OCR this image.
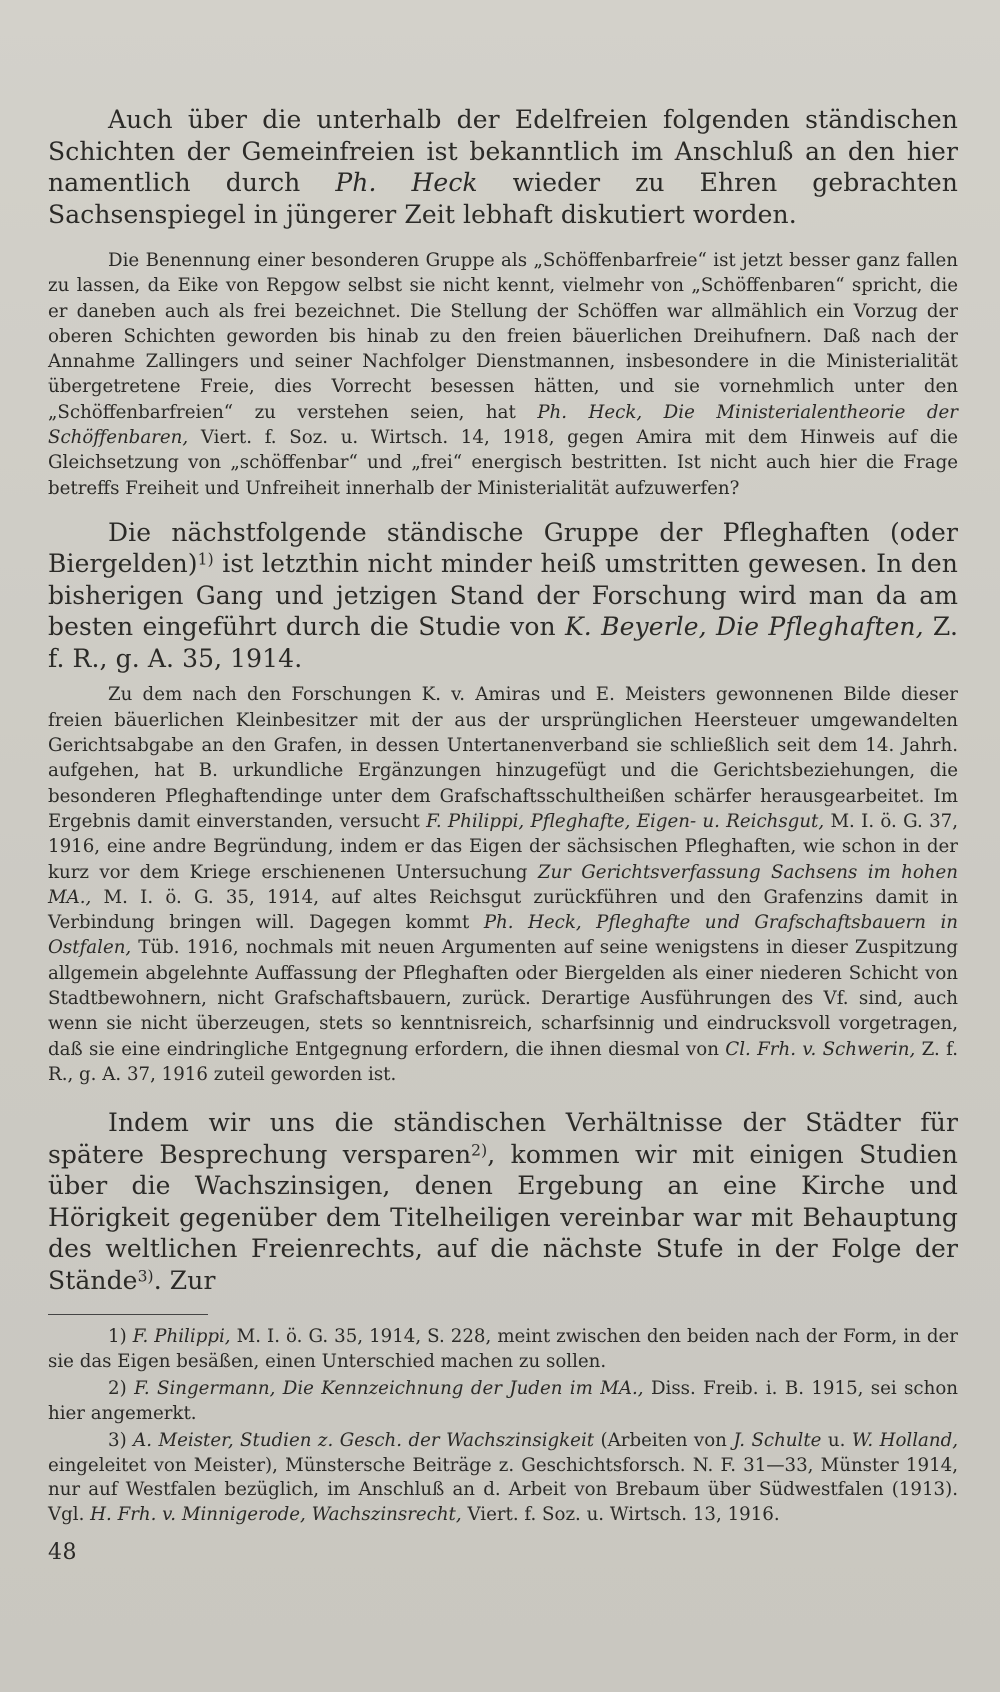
Auch über die unterhalb der Edelfreien folgenden ständischen Schichten der Gemeinfreien ist bekanntlich im Anschluß an den hier namentlich durch Ph. Heck wieder zu Ehren gebrachten Sachsenspiegel in jüngerer Zeit lebhaft diskutiert worden.

Die Benennung einer besonderen Gruppe als „Schöffenbarfreie“ ist jetzt besser ganz fallen zu lassen, da Eike von Repgow selbst sie nicht kennt, vielmehr von „Schöffenbaren“ spricht, die er daneben auch als frei bezeichnet. Die Stellung der Schöffen war allmählich ein Vorzug der oberen Schichten geworden bis hinab zu den freien bäuerlichen Dreihufnern. Daß nach der Annahme Zallingers und seiner Nachfolger Dienstmannen, insbesondere in die Ministerialität übergetretene Freie, dies Vorrecht besessen hätten, und sie vornehmlich unter den „Schöffenbarfreien“ zu verstehen seien, hat Ph. Heck, Die Ministerialentheorie der Schöffenbaren, Viert. f. Soz. u. Wirtsch. 14, 1918, gegen Amira mit dem Hinweis auf die Gleichsetzung von „schöffenbar“ und „frei“ energisch bestritten. Ist nicht auch hier die Frage betreffs Freiheit und Unfreiheit innerhalb der Ministerialität aufzuwerfen?

Die nächstfolgende ständische Gruppe der Pfleghaften (oder Biergelden)$^{1)}$ ist letzthin nicht minder heiß umstritten gewesen. In den bisherigen Gang und jetzigen Stand der Forschung wird man da am besten eingeführt durch die Studie von K. Beyerle, Die Pfleghaften, Z. f. R., g. A. 35, 1914.

Zu dem nach den Forschungen K. v. Amiras und E. Meisters gewonnenen Bilde dieser freien bäuerlichen Kleinbesitzer mit der aus der ursprünglichen Heersteuer umgewandelten Gerichtsabgabe an den Grafen, in dessen Untertanenverband sie schließlich seit dem 14. Jahrh. aufgehen, hat B. urkundliche Ergänzungen hinzugefügt und die Gerichtsbeziehungen, die besonderen Pfleghaftendinge unter dem Grafschaftsschultheißen schärfer herausgearbeitet. Im Ergebnis damit einverstanden, versucht F. Philippi, Pfleghafte, Eigen- u. Reichsgut, M. I. ö. G. 37, 1916, eine andre Begründung, indem er das Eigen der sächsischen Pfleghaften, wie schon in der kurz vor dem Kriege erschienenen Untersuchung Zur Gerichtsverfassung Sachsens im hohen MA., M. I. ö. G. 35, 1914, auf altes Reichsgut zurückführen und den Grafenzins damit in Verbindung bringen will. Dagegen kommt Ph. Heck, Pfleghafte und Grafschaftsbauern in Ostfalen, Tüb. 1916, nochmals mit neuen Argumenten auf seine wenigstens in dieser Zuspitzung allgemein abgelehnte Auffassung der Pfleghaften oder Biergelden als einer niederen Schicht von Stadtbewohnern, nicht Grafschaftsbauern, zurück. Derartige Ausführungen des Vf. sind, auch wenn sie nicht überzeugen, stets so kenntnisreich, scharfsinnig und eindrucksvoll vorgetragen, daß sie eine eindringliche Entgegnung erfordern, die ihnen diesmal von Cl. Frh. v. Schwerin, Z. f. R., g. A. 37, 1916 zuteil geworden ist.

Indem wir uns die ständischen Verhältnisse der Städter für spätere Besprechung versparen$^{2)}$, kommen wir mit einigen Studien über die Wachszinsigen, denen Ergebung an eine Kirche und Hörigkeit gegenüber dem Titelheiligen vereinbar war mit Behauptung des weltlichen Freienrechts, auf die nächste Stufe in der Folge der Stände$^{3)}$. Zur

1) F. Philippi, M. I. ö. G. 35, 1914, S. 228, meint zwischen den beiden nach der Form, in der sie das Eigen besäßen, einen Unterschied machen zu sollen.

2) F. Singermann, Die Kennzeichnung der Juden im MA., Diss. Freib. i. B. 1915, sei schon hier angemerkt.

3) A. Meister, Studien z. Gesch. der Wachszinsigkeit (Arbeiten von J. Schulte u. W. Holland, eingeleitet von Meister), Münstersche Beiträge z. Geschichtsforsch. N. F. 31—33, Münster 1914, nur auf Westfalen bezüglich, im Anschluß an d. Arbeit von Brebaum über Südwestfalen (1913). Vgl. H. Frh. v. Minnigerode, Wachszinsrecht, Viert. f. Soz. u. Wirtsch. 13, 1916.

48
